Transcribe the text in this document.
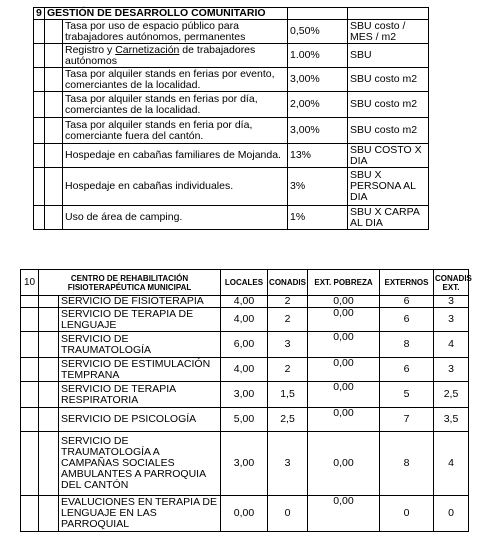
9	GESTIÓN DE DESARROLLO COMUNITARIO			
		Tasa por uso de espacio público para trabajadores autónomos, permanentes	0,50%	SBU costo / MES / m2
		Registro y Carnetización de trabajadores autónomos	1.00%	SBU
		Tasa por alquiler stands en ferias por evento, comerciantes de la localidad.	3,00%	SBU costo m2
		Tasa por alquiler stands en ferias por día, comerciantes de la localidad.	2,00%	SBU costo m2
		Tasa por alquiler stands en feria por día, comerciante fuera del cantón.	3,00%	SBU costo m2
		Hospedaje en cabañas familiares de Mojanda.	13%	SBU COSTO X DIA
		Hospedaje en cabañas individuales.	3%	SBU X PERSONA AL DIA
		Uso de área de camping.	1%	SBU X CARPA AL DIA
10	CENTRO DE REHABILITACIÓN FISIOTERAPÉUTICA MUNICIPAL		LOCALES	CONADIS	EXT. POBREZA	EXTERNOS	CONADIS EXT.
		SERVICIO DE FISIOTERAPIA	4,00	2	0,00	6	3
		SERVICIO DE TERAPIA DE LENGUAJE	4,00	2	0,00	6	3
		SERVICIO DE TRAUMATOLOGÍA	6,00	3	0,00	8	4
		SERVICIO DE ESTIMULACIÓN TEMPRANA	4,00	2	0,00	6	3
		SERVICIO DE TERAPIA RESPIRATORIA	3,00	1,5	0,00	5	2,5
		SERVICIO DE PSICOLOGÍA	5,00	2,5	0,00	7	3,5
		SERVICIO DE TRAUMATOLOGÍA A CAMPAÑAS SOCIALES AMBULANTES A PARROQUIA DEL CANTÓN	3,00	3	0,00	8	4
		EVALUCIONES EN TERAPIA DE LENGUAJE EN LAS PARROQUIAL	0,00	0	0,00	0	0
